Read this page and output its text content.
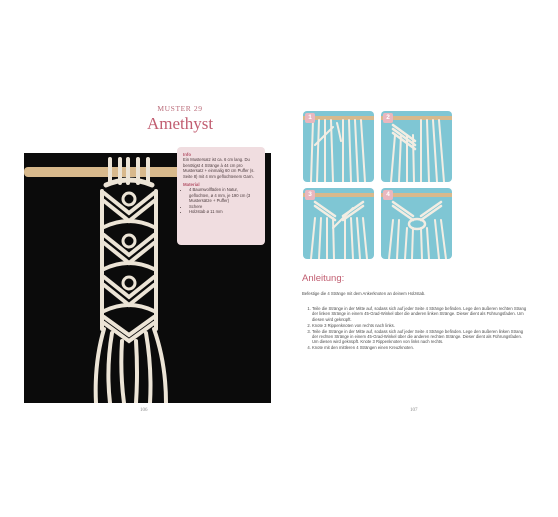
MUSTER 29
Amethyst
Info
Ein Mustersatz ist ca. 6 cm lang. Du benötigst 4 Stränge à 44 cm pro Mustersatz + einmalig 60 cm Puffer (s. Seite 8) mit 4 mm geflochtenem Garn.
Material
• 4 Baumwollfäden in Natur, geflochten, ø 4 mm, je 190 cm (3 Mustersätze + Puffer)
• Schere
• Holzstab ø 11 mm
106
1	2
3	4
Anleitung:
Befestige die 4 Stränge mit dem Ankerknoten an deinem Holzstab.
1. Teile die Stränge in der Mitte auf, sodass sich auf jeder Seite 4 Stränge befinden. Lege den äußeren rechten Strang der linken Stränge in einem 45-Grad-Winkel über die anderen linken Stränge. Dieser dient als Führungsfaden. Um diesen wird geknüpft.
2. Knote 3 Rippenknoten von rechts nach links.
3. Teile die Stränge in der Mitte auf, sodass sich auf jeder Seite 4 Stränge befinden. Lege den äußeren linken Strang der rechten Stränge in einem 45-Grad-Winkel über die anderen rechten Stränge. Dieser dient als Führungsfaden. Um diesen wird geknüpft. Knote 3 Rippenknoten von links nach rechts.
4. Knote mit den mittleren 4 Strängen einen Kreuzknoten.
107
